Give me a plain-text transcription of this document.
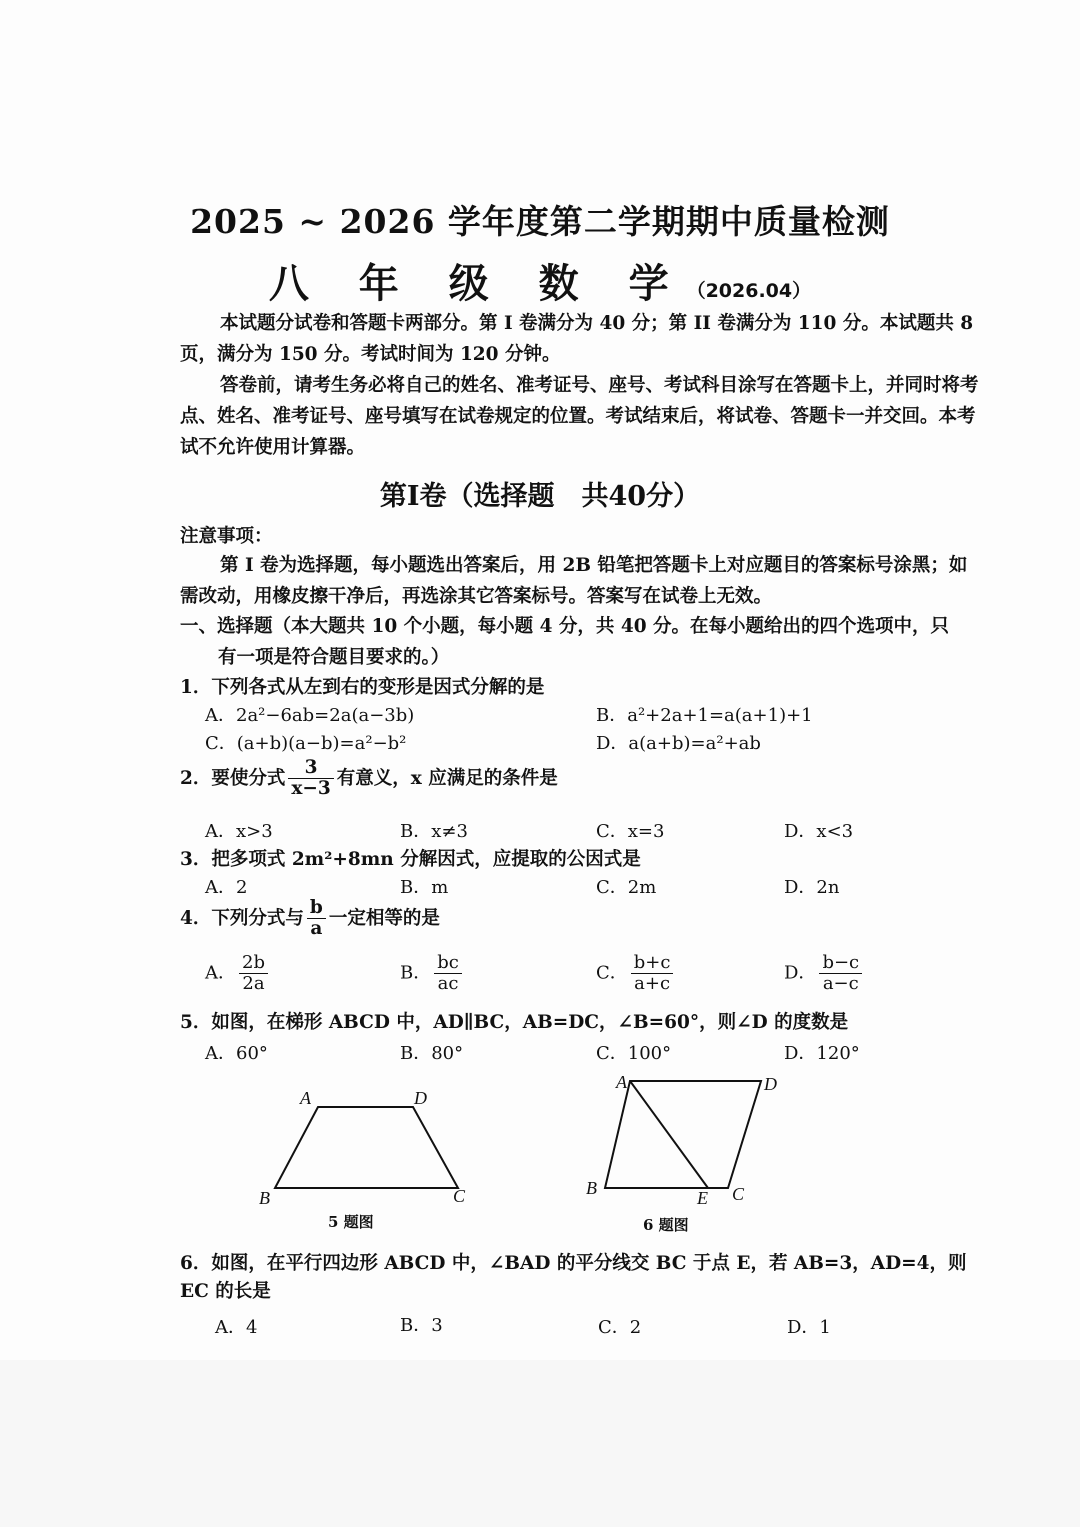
2025 ~ 2026 学年度第二学期期中质量检测
八 年 级 数 学（2026.04）
本试题分试卷和答题卡两部分。第 I 卷满分为 40 分；第 II 卷满分为 110 分。本试题共 8 页，满分为 150 分。考试时间为 120 分钟。
答卷前，请考生务必将自己的姓名、准考证号、座号、考试科目涂写在答题卡上，并同时将考点、姓名、准考证号、座号填写在试卷规定的位置。考试结束后，将试卷、答题卡一并交回。本考试不允许使用计算器。
第I卷（选择题　共40分）
注意事项：
第 I 卷为选择题，每小题选出答案后，用 2B 铅笔把答题卡上对应题目的答案标号涂黑；如需改动，用橡皮擦干净后，再选涂其它答案标号。答案写在试卷上无效。
一、选择题（本大题共 10 个小题，每小题 4 分，共 40 分。在每小题给出的四个选项中，只
有一项是符合题目要求的。）
1．下列各式从左到右的变形是因式分解的是
A．2a²−6ab=2a(a−3b)	B．a²+2a+1=a(a+1)+1
C．(a+b)(a−b)=a²−b²	D．a(a+b)=a²+ab
2．要使分式 $\frac{3}{x-3}$ 有意义，x 应满足的条件是
A．x>3	B．x≠3	C．x=3	D．x<3
3．把多项式 2m²+8mn 分解因式，应提取的公因式是
A．2	B．m	C．2m	D．2n
4．下列分式与 $\frac{b}{a}$ 一定相等的是
A． $\frac{2b}{2a}$	B． $\frac{bc}{ac}$	C． $\frac{b+c}{a+c}$	D． $\frac{b-c}{a-c}$
5．如图，在梯形 ABCD 中，AD∥BC，AB=DC，∠B=60°，则∠D 的度数是
A．60°	B．80°	C．100°	D．120°
A	D
B	C
5 题图
A	D
B	E C
6 题图
6．如图，在平行四边形 ABCD 中，∠BAD 的平分线交 BC 于点 E，若 AB=3，AD=4，则
EC 的长是
A．4	B．3	C．2	D．1
